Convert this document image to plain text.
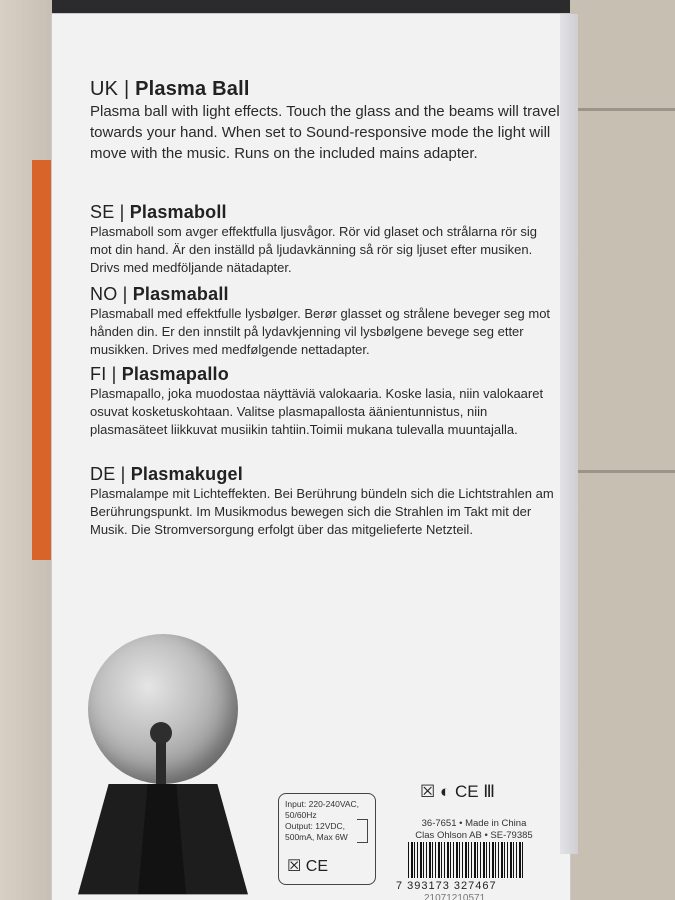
UK | Plasma Ball
Plasma ball with light effects. Touch the glass and the beams will travel towards your hand. When set to Sound-responsive mode the light will move with the music. Runs on the included mains adapter.
SE | Plasmaboll
Plasmaboll som avger effektfulla ljusvågor. Rör vid glaset och strålarna rör sig mot din hand. Är den inställd på ljudavkänning så rör sig ljuset efter musiken. Drivs med medföljande nätadapter.
NO | Plasmaball
Plasmaball med effektfulle lysbølger. Berør glasset og strålene beveger seg mot hånden din. Er den innstilt på lydavkjenning vil lysbølgene bevege seg etter musikken. Drives med medfølgende nettadapter.
FI | Plasmapallo
Plasmapallo, joka muodostaa näyttäviä valokaaria. Koske lasia, niin valokaaret osuvat kosketuskohtaan. Valitse plasmapallosta äänientunnistus, niin plasmasäteet liikkuvat musiikin tahtiin.Toimii mukana tulevalla muuntajalla.
DE | Plasmakugel
Plasmalampe mit Lichteffekten. Bei Berührung bündeln sich die Lichtstrahlen am Berührungspunkt. Im Musikmodus bewegen sich die Strahlen im Takt mit der Musik. Die Stromversorgung erfolgt über das mitgelieferte Netzteil.
Input: 220-240VAC,
50/60Hz
Output: 12VDC,
500mA, Max 6W
☒ CE
☒ ◐ CE Ⅲ
36-7651 • Made in China
Clas Ohlson AB • SE-79385
7 393173 327467
21071210571
